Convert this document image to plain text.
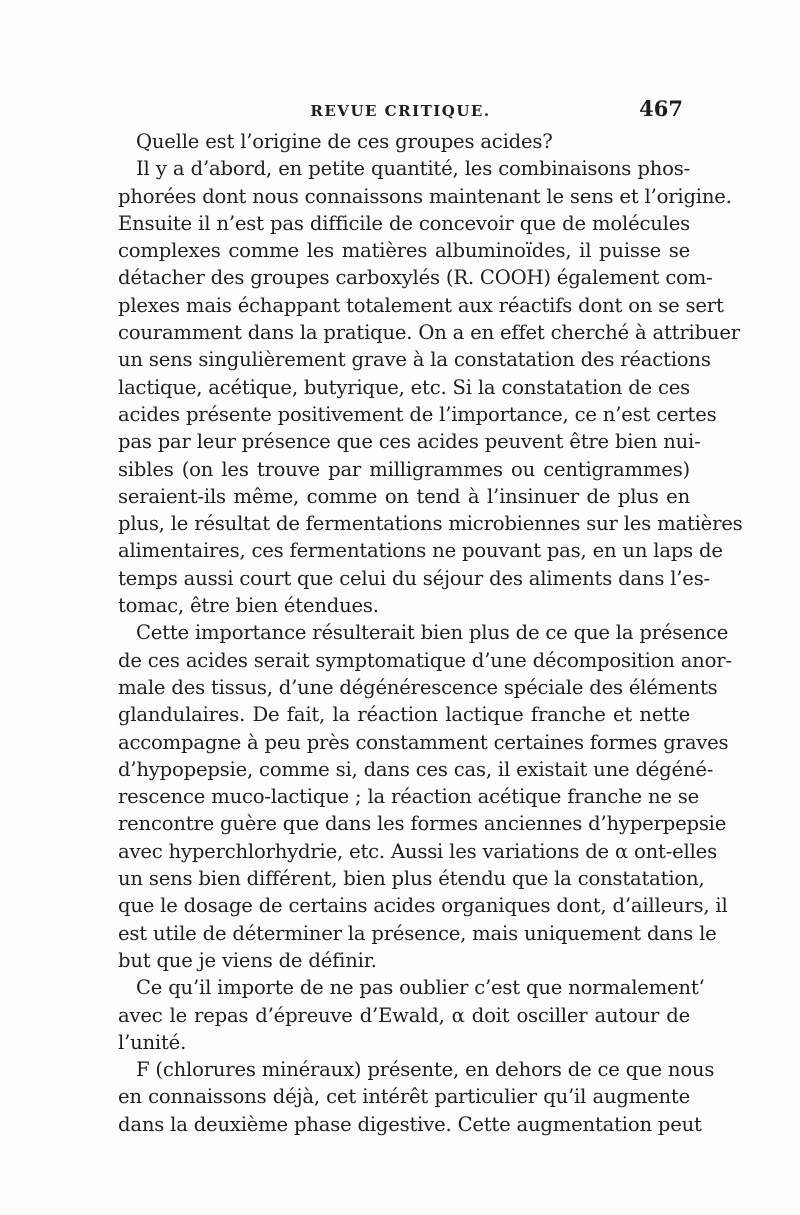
REVUE CRITIQUE.	467
Quelle est l’origine de ces groupes acides?
Il y a d’abord, en petite quantité, les combinaisons phos-
phorées dont nous connaissons maintenant le sens et l’origine.
Ensuite il n’est pas difficile de concevoir que de molécules
complexes comme les matières albuminoïdes, il puisse se
détacher des groupes carboxylés (R. COOH) également com-
plexes mais échappant totalement aux réactifs dont on se sert
couramment dans la pratique. On a en effet cherché à attribuer
un sens singulièrement grave à la constatation des réactions
lactique, acétique, butyrique, etc. Si la constatation de ces
acides présente positivement de l’importance, ce n’est certes
pas par leur présence que ces acides peuvent être bien nui-
sibles (on les trouve par milligrammes ou centigrammes)
seraient-ils même, comme on tend à l’insinuer de plus en
plus, le résultat de fermentations microbiennes sur les matières
alimentaires, ces fermentations ne pouvant pas, en un laps de
temps aussi court que celui du séjour des aliments dans l’es-
tomac, être bien étendues.
Cette importance résulterait bien plus de ce que la présence
de ces acides serait symptomatique d’une décomposition anor-
male des tissus, d’une dégénérescence spéciale des éléments
glandulaires. De fait, la réaction lactique franche et nette
accompagne à peu près constamment certaines formes graves
d’hypopepsie, comme si, dans ces cas, il existait une dégéné-
rescence muco-lactique ; la réaction acétique franche ne se
rencontre guère que dans les formes anciennes d’hyperpepsie
avec hyperchlorhydrie, etc. Aussi les variations de α ont-elles
un sens bien différent, bien plus étendu que la constatation,
que le dosage de certains acides organiques dont, d’ailleurs, il
est utile de déterminer la présence, mais uniquement dans le
but que je viens de définir.
Ce qu’il importe de ne pas oublier c’est que normalement‘
avec le repas d’épreuve d’Ewald, α doit osciller autour de
l’unité.
F (chlorures minéraux) présente, en dehors de ce que nous
en connaissons déjà, cet intérêt particulier qu’il augmente
dans la deuxième phase digestive. Cette augmentation peut
